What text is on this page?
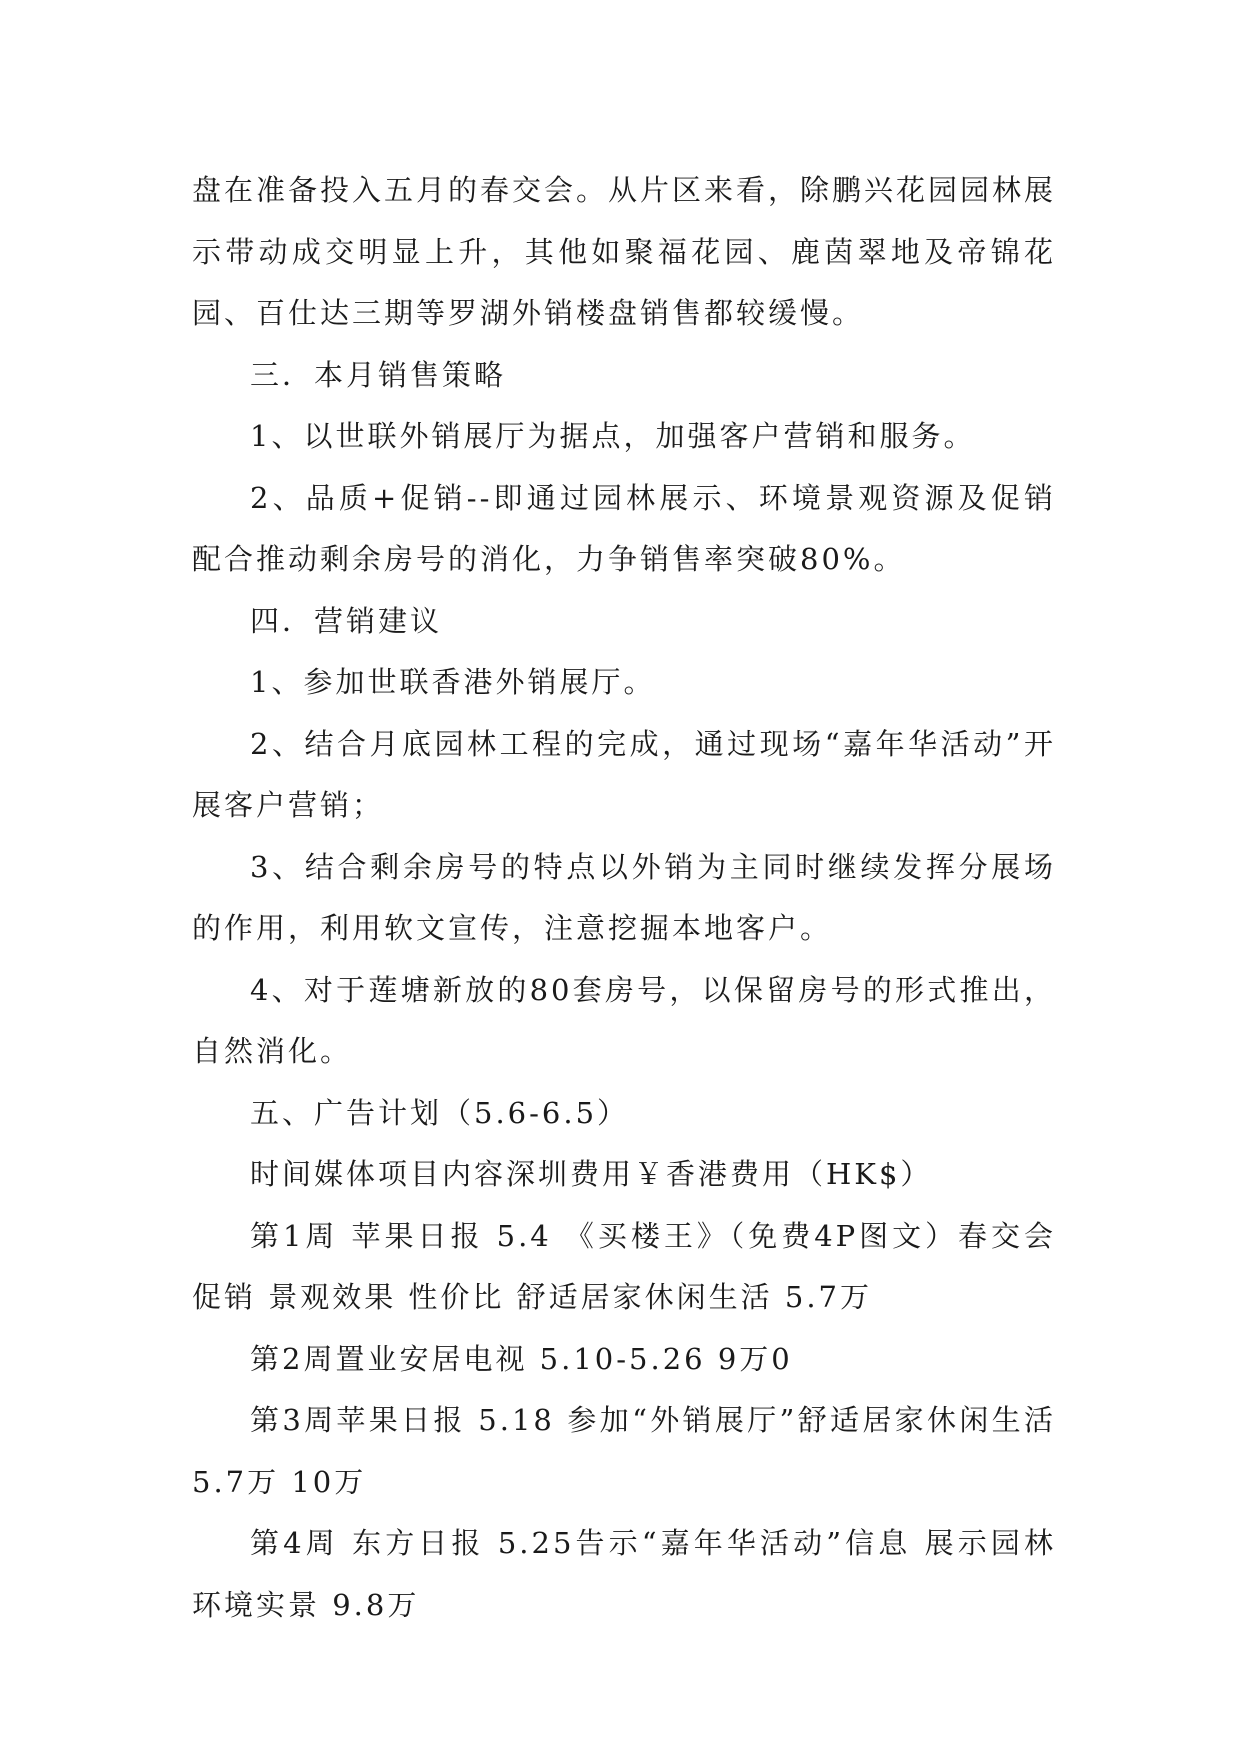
盘在准备投入五月的春交会。从片区来看，除鹏兴花园园林展示带动成交明显上升，其他如聚福花园、鹿茵翠地及帝锦花园、百仕达三期等罗湖外销楼盘销售都较缓慢。

三．本月销售策略

1、以世联外销展厅为据点，加强客户营销和服务。

2、品质+促销--即通过园林展示、环境景观资源及促销配合推动剩余房号的消化，力争销售率突破80%。

四．营销建议

1、参加世联香港外销展厅。

2、结合月底园林工程的完成，通过现场“嘉年华活动”开展客户营销；

3、结合剩余房号的特点以外销为主同时继续发挥分展场的作用，利用软文宣传，注意挖掘本地客户。

4、对于莲塘新放的80套房号，以保留房号的形式推出，自然消化。

五、广告计划（5.6-6.5）

时间媒体项目内容深圳费用￥香港费用（HK$）

第1周 苹果日报 5.4 《买楼王》（免费4P图文）春交会促销 景观效果 性价比 舒适居家休闲生活 5.7万

第2周置业安居电视 5.10-5.26 9万0

第3周苹果日报 5.18 参加“外销展厅”舒适居家休闲生活 5.7万 10万

第4周 东方日报 5.25告示“嘉年华活动”信息 展示园林环境实景 9.8万
